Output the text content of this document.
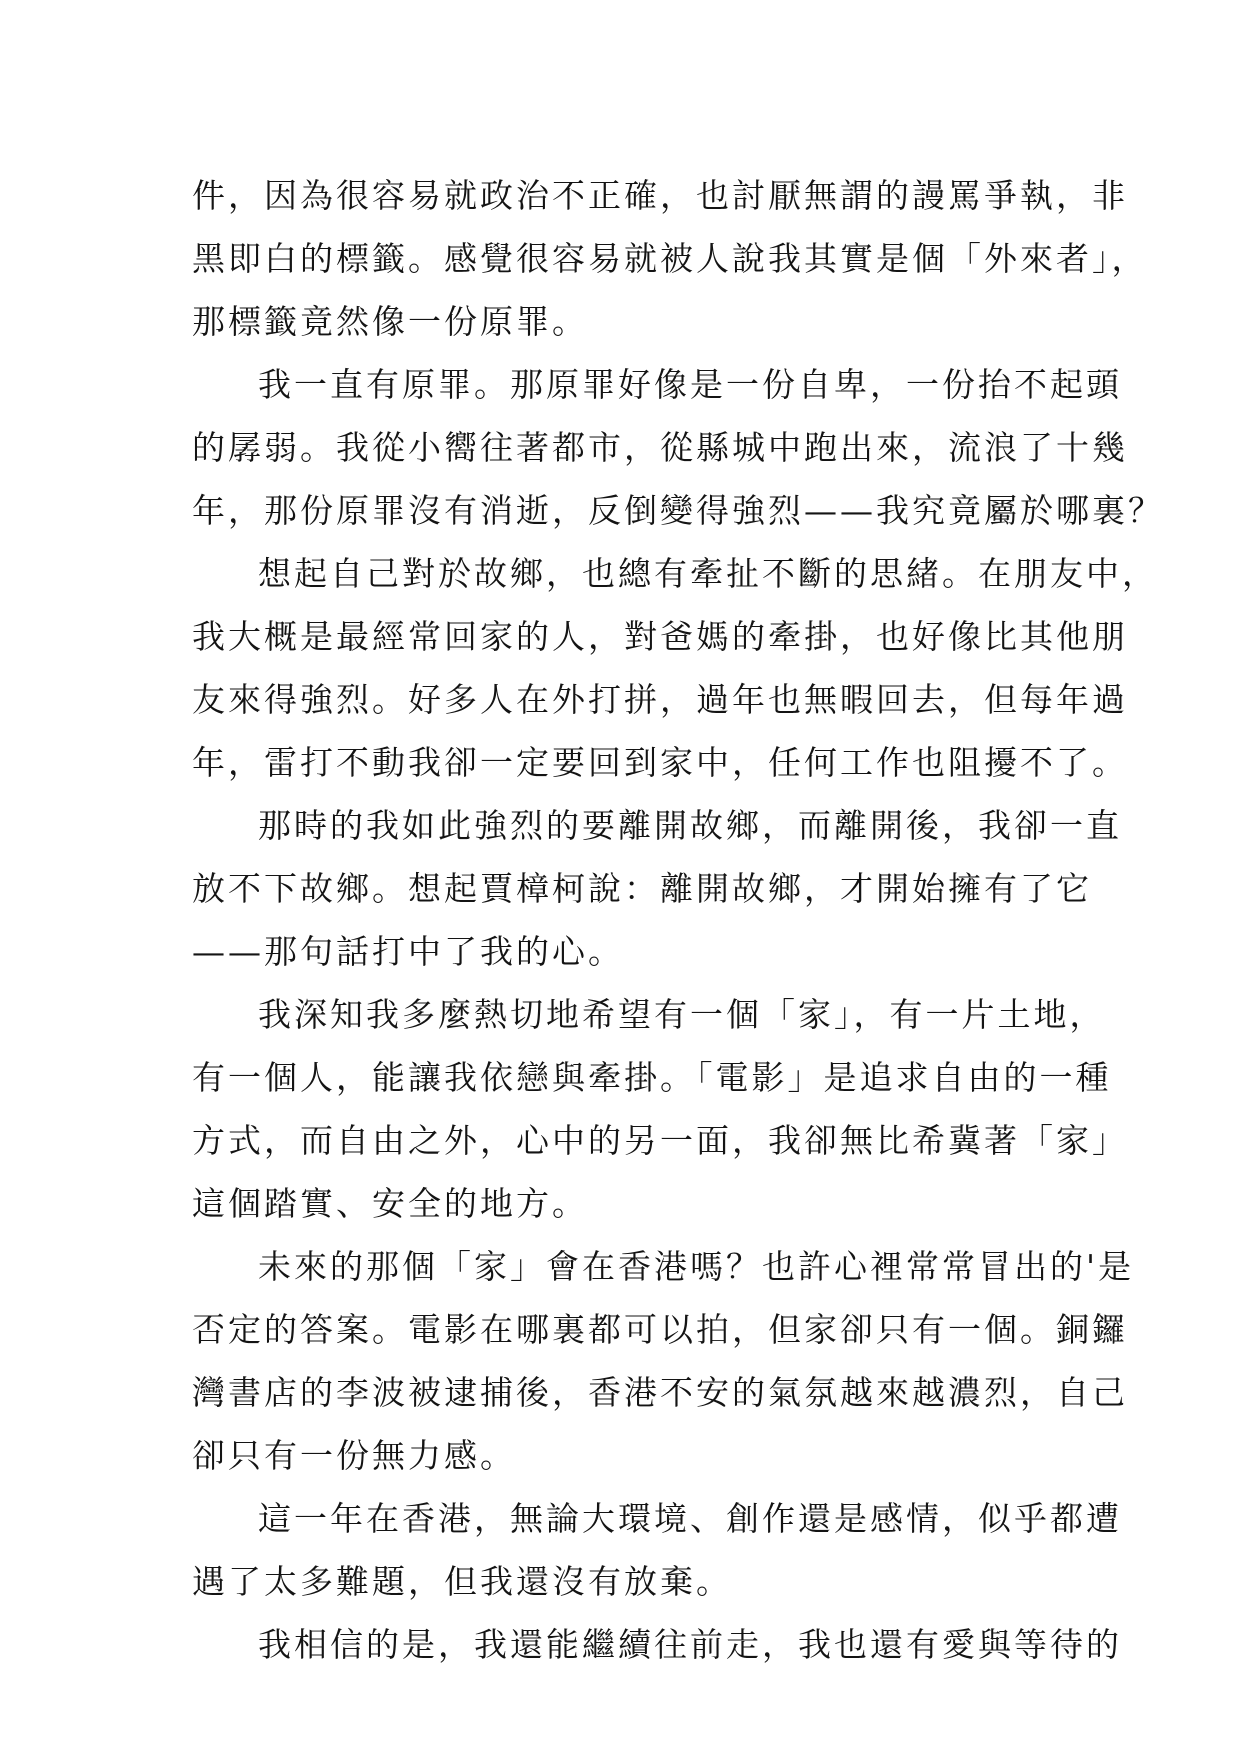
件，因為很容易就政治不正確，也討厭無謂的謾罵爭執，非
黑即白的標籤。感覺很容易就被人說我其實是個「外來者」，
那標籤竟然像一份原罪。
我一直有原罪。那原罪好像是一份自卑，一份抬不起頭
的孱弱。我從小嚮往著都市，從縣城中跑出來，流浪了十幾
年，那份原罪沒有消逝，反倒變得強烈——我究竟屬於哪裏？
想起自己對於故鄉，也總有牽扯不斷的思緒。在朋友中，
我大概是最經常回家的人，對爸媽的牽掛，也好像比其他朋
友來得強烈。好多人在外打拼，過年也無暇回去，但每年過
年，雷打不動我卻一定要回到家中，任何工作也阻擾不了。
那時的我如此強烈的要離開故鄉，而離開後，我卻一直
放不下故鄉。想起賈樟柯說：離開故鄉，才開始擁有了它
——那句話打中了我的心。
我深知我多麼熱切地希望有一個「家」，有一片土地，
有一個人，能讓我依戀與牽掛。「電影」是追求自由的一種
方式，而自由之外，心中的另一面，我卻無比希冀著「家」
這個踏實、安全的地方。
未來的那個「家」會在香港嗎？也許心裡常常冒出的'是
否定的答案。電影在哪裏都可以拍，但家卻只有一個。銅鑼
灣書店的李波被逮捕後，香港不安的氣氛越來越濃烈，自己
卻只有一份無力感。
這一年在香港，無論大環境、創作還是感情，似乎都遭
遇了太多難題，但我還沒有放棄。
我相信的是，我還能繼續往前走，我也還有愛與等待的
